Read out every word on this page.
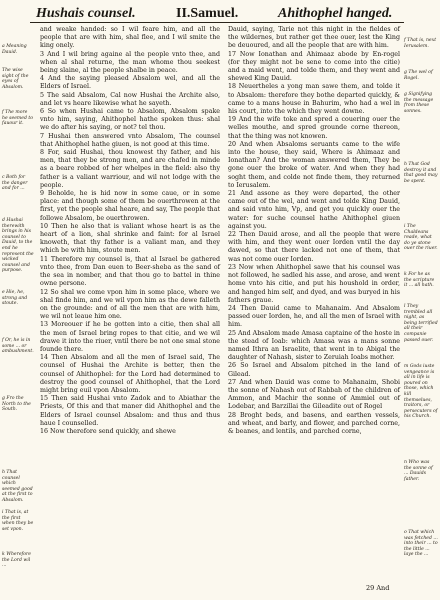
Hushais counsel.	II.Samuel.	Ahithophel hanged.
a Meaning Dauid.
The wise sight of the eyes of Absalom.
f The more he seemed to fauour it.
c Both for the danger and for ...
d Hushai therewith brings in his counsel to Dauid, to the end he represent the wicked counsel and purpose.
e Hie, he, strong and stoute.
f Or, he is in some ... or ambushment.
g Fro the North to the South.
h That counsel which seemed good at the first to Absalom.
i That is, at the first when they be set vpon.
k Wherefore the Lord wil ...
f That is, next Ierusalem.
g The wel of Rogel.
g Signifying the message from these sonnes.
h That God destroy it and that good may be spent.
i The Chaldeans reade, what do ye stone ouer the riuer.
k For he as the scripture it ... all hath.
l They trembled all night, as being terrified all their companie passed ouer.
m Gods iuste vengeance is all in life is poured on those, which kill themselues, traitors, or persecuters of his Church.
n Who was the sonne of ... Dauids father.
o That which was fetched ... into their ... to the little ... laye the ...
and weake handed: so I wil feare him, and all the people that are with him, shal flee, and I wil smite the king onely.
3 And I wil bring againe al the people vnto thee, and when al shal returne, the man whome thou seekest being slaine, al the people shalbe in peace.
4 And the saying pleased Absalom wel, and all the Elders of Israel.
5 The said Absalom, Cal now Hushai the Archite also, and let vs heare likewise what he sayeth.
6 So when Hushai came to Absalom, Absalom spake vnto him, saying, Ahithophel hathe spoken thus: shal we do after his saying, or not? tel thou.
7 Hushai then answered vnto Absalom, The counsel that Ahithophel hathe giuen, is not good at this time.
8 For, said Hushai, thou knowest thy father, and his men, that they be strong men, and are chafed in minde as a beare robbed of her whelpes in the field: also thy father is a valiant warriour, and wil not lodge with the people.
9 Beholde, he is hid now in some caue, or in some place: and though some of them be ouerthrowen at the first, yet the people shal heare, and say, The people that followe Absalom, be ouerthrowen.
10 Then he also that is valiant whose heart is as the heart of a lion, shal shrinke and faint: for al Israel knoweth, that thy father is a valiant man, and they which be with him, stoute men.
11 Therefore my counsel is, that al Israel be gathered vnto thee, from Dan euen to Beer-sheba as the sand of the sea in nomber, and that thou go to battel in thine owne persone.
12 So shal we come vpon him in some place, where we shal finde him, and we wil vpon him as the dewe falleth on the grounde: and of all the men that are with him, we wil not leaue him one.
13 Moreouer if he be gotten into a citie, then shal all the men of Israel bring ropes to that citie, and we wil drawe it into the riuer, vntil there be not one smal stone founde there.
14 Then Absalom and all the men of Israel said, The counsel of Hushai the Archite is better, then the counsel of Ahithophel: for the Lord had determined to destroy the good counsel of Ahithophel, that the Lord might bring euil vpon Absalom.
15 Then said Hushai vnto Zadok and to Abiathar the Priests, Of this and that maner did Ahithophel and the Elders of Israel counsel Absalom: and thus and thus haue I counselled.
16 Now therefore send quickly, and shewe
Dauid, saying, Tarie not this night in the fieldes of the wildernes, but rather get thee ouer, lest the King be deuoured, and all the people that are with him.
17 Now Ionathan and Ahimaaz abode by En-rogel (for they might not be sene to come into the citie) and a maid went, and tolde them, and they went and shewed King Dauid.
18 Neuertheles a yong man sawe them, and tolde it to Absalom: therefore they bothe departed quickly, & came to a mans house in Bahurim, who had a wel in his court, into the which they went downe.
19 And the wife toke and spred a couering ouer the welles mouthe, and spred grounde corne thereon, that the thing was not knowen.
20 And when Absaloms seruants came to the wife into the house, they said, Where is Ahimaaz and Ionathan? And the woman answered them, They be gone ouer the broke of water. And when they had soght them, and colde not finde them, they returned to Ierusalem.
21 And assone as they were departed, the other came out of the wel, and went and tolde King Dauid, and said vnto him, Vp, and get you quickly ouer the water: for suche counsel hathe Ahithophel giuen against you.
22 Then Dauid arose, and all the people that were with him, and they went ouer Iorden vntil the day dawed, so that there lacked not one of them, that was not come ouer Iorden.
23 Now when Ahithophel sawe that his counsel was not followed, he sadled his asse, and arose, and went home vnto his citie, and put his houshold in order, and hanged him self, and dyed, and was buryed in his fathers graue.
24 Then Dauid came to Mahanaim. And Absalom passed ouer Iorden, he, and all the men of Israel with him.
25 And Absalom made Amasa captaine of the hoste in the stead of Ioab: which Amasa was a mans sonne named Ithra an Israelite, that went in to Abigal the daughter of Nahash, sister to Zeruiah Ioabs mother.
26 So Israel and Absalom pitched in the land of Gilead.
27 And when Dauid was come to Mahanaim, Shobi the sonne of Nahash out of Rabbah of the children of Ammon, and Machir the sonne of Ammiel out of Lodebar, and Barzillai the Gileadite out of Rogel
28 Broght beds, and basens, and earthen vessels, and wheat, and barly, and flower, and parched corne, & beanes, and lentils, and parched corne,
29 And
